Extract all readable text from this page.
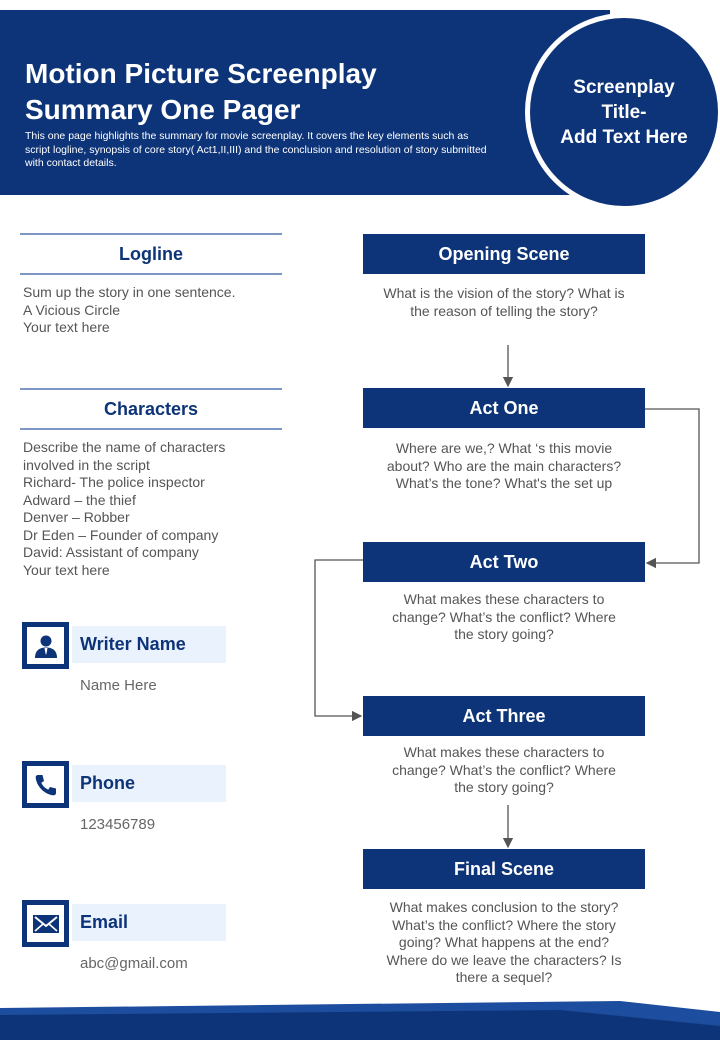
Motion Picture Screenplay
Summary One Pager
This one page highlights the summary for movie screenplay. It covers the key elements such as script logline, synopsis of core story( Act1,II,III) and the conclusion and resolution of story submitted with contact details.
Screenplay
Title-
Add Text Here
Logline
Sum up the story in one sentence.
A Vicious Circle
Your text here
Characters
Describe the name of characters
involved in the script
Richard- The police inspector
Adward – the thief
Denver – Robber
Dr Eden – Founder of company
David: Assistant of company
Your text here
Writer Name
Name Here
Phone
123456789
Email
abc@gmail.com
Opening Scene
What is the vision of the story? What is
the reason of telling the story?
Act One
Where are we,? What ‘s this movie
about? Who are the main characters?
What’s the tone? What's the set up
Act Two
What makes these characters to
change? What’s the conflict? Where
the story going?
Act Three
What makes these characters to
change? What’s the conflict? Where
the story going?
Final Scene
What makes conclusion to the story?
What’s the conflict? Where the story
going? What happens at the end?
Where do we leave the characters? Is
there a sequel?
